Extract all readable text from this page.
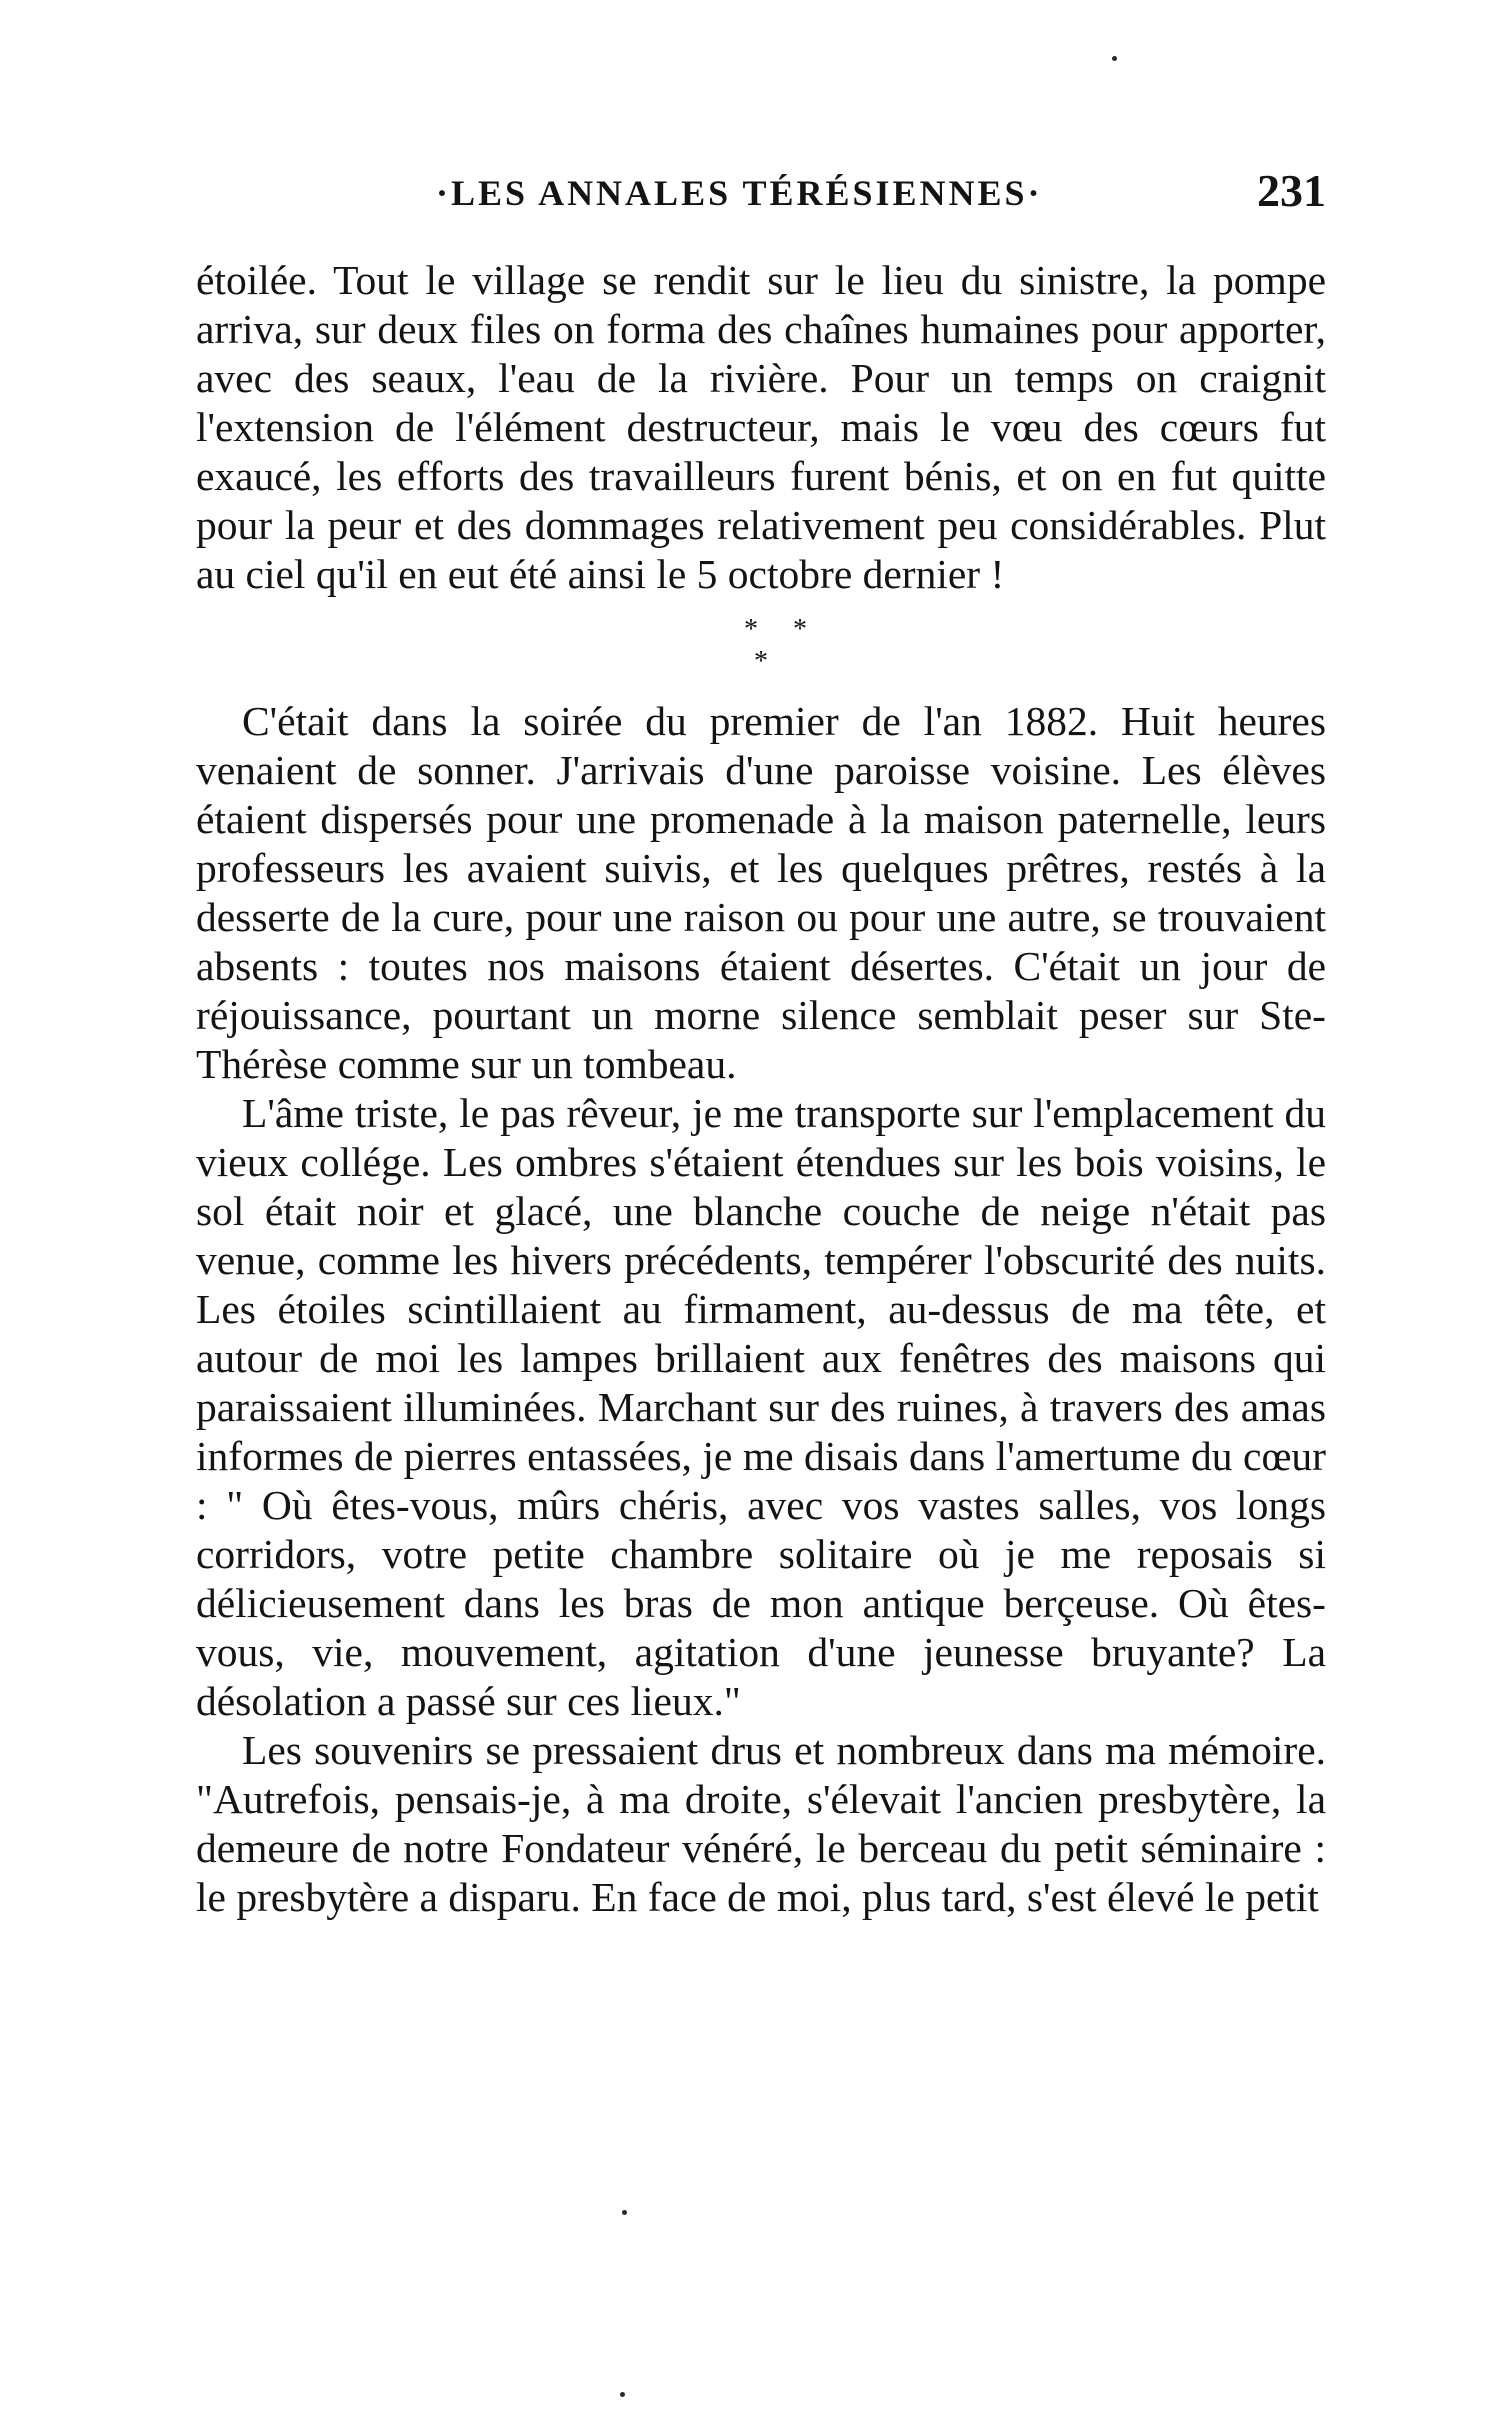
·LES ANNALES TÉRÉSIENNES·	231

étoilée. Tout le village se rendit sur le lieu du sinistre, la pompe arriva, sur deux files on forma des chaînes humaines pour apporter, avec des seaux, l'eau de la rivière. Pour un temps on craignit l'extension de l'élément destructeur, mais le vœu des cœurs fut exaucé, les efforts des travailleurs furent bénis, et on en fut quitte pour la peur et des dommages relativement peu considérables. Plut au ciel qu'il en eut été ainsi le 5 octobre dernier !

* *
*

C'était dans la soirée du premier de l'an 1882. Huit heures venaient de sonner. J'arrivais d'une paroisse voisine. Les élèves étaient dispersés pour une promenade à la maison paternelle, leurs professeurs les avaient suivis, et les quelques prêtres, restés à la desserte de la cure, pour une raison ou pour une autre, se trouvaient absents : toutes nos maisons étaient désertes. C'était un jour de réjouissance, pourtant un morne silence semblait peser sur Ste-Thérèse comme sur un tombeau.

L'âme triste, le pas rêveur, je me transporte sur l'emplacement du vieux collége. Les ombres s'étaient étendues sur les bois voisins, le sol était noir et glacé, une blanche couche de neige n'était pas venue, comme les hivers précédents, tempérer l'obscurité des nuits. Les étoiles scintillaient au firmament, au-dessus de ma tête, et autour de moi les lampes brillaient aux fenêtres des maisons qui paraissaient illuminées. Marchant sur des ruines, à travers des amas informes de pierres entassées, je me disais dans l'amertume du cœur : " Où êtes-vous, mûrs chéris, avec vos vastes salles, vos longs corridors, votre petite chambre solitaire où je me reposais si délicieusement dans les bras de mon antique berçeuse. Où êtes-vous, vie, mouvement, agitation d'une jeunesse bruyante? La désolation a passé sur ces lieux."

Les souvenirs se pressaient drus et nombreux dans ma mémoire. "Autrefois, pensais-je, à ma droite, s'élevait l'ancien presbytère, la demeure de notre Fondateur vénéré, le berceau du petit séminaire : le presbytère a disparu. En face de moi, plus tard, s'est élevé le petit
